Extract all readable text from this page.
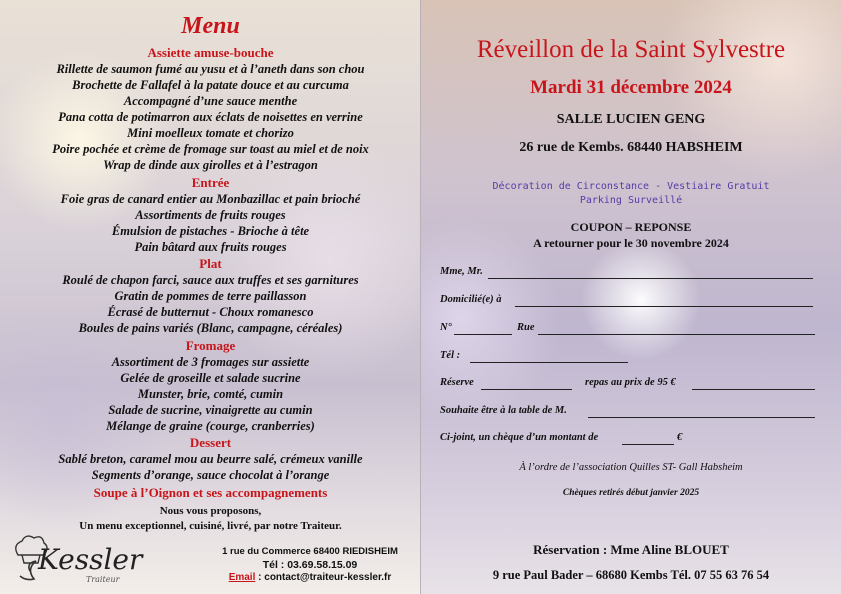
Menu
Assiette amuse-bouche
Rillette de saumon fumé au yusu et à l’aneth dans son chou
Brochette de Fallafel à la patate douce et au curcuma
Accompagné d’une sauce menthe
Pana cotta de potimarron aux éclats de noisettes en verrine
Mini moelleux tomate et chorizo
Poire pochée et crème de fromage sur toast au miel et de noix
Wrap de dinde aux girolles et à l’estragon
Entrée
Foie gras de canard entier au Monbazillac et pain brioché
Assortiments de fruits rouges
Émulsion de pistaches - Brioche à tête
Pain bâtard aux fruits rouges
Plat
Roulé de chapon farci, sauce aux truffes et ses garnitures
Gratin de pommes de terre paillasson
Écrasé de butternut - Choux romanesco
Boules de pains variés (Blanc, campagne, céréales)
Fromage
Assortiment de 3 fromages sur assiette
Gelée de groseille et salade sucrine
Munster, brie, comté, cumin
Salade de sucrine, vinaigrette au cumin
Mélange de graine (courge, cranberries)
Dessert
Sablé breton, caramel mou au beurre salé, crémeux vanille
Segments d’orange, sauce chocolat à l’orange
Soupe à l’Oignon et ses accompagnements
Nous vous proposons,
Un menu exceptionnel, cuisiné, livré, par notre Traiteur.
Kessler
Traiteur
1 rue du Commerce 68400 RIEDISHEIM
Tél : 03.69.58.15.09
Email : contact@traiteur-kessler.fr
Réveillon de la Saint Sylvestre
Mardi 31 décembre 2024
SALLE LUCIEN GENG
26 rue de Kembs. 68440 HABSHEIM
Décoration de Circonstance - Vestiaire Gratuit
Parking Surveillé
COUPON – REPONSE
A retourner pour le 30 novembre 2024
Mme, Mr.
Domicilié(e) à
N°	Rue
Tél :
Réserve	repas au prix de 95 €
Souhaite être à la table de M.
Ci-joint, un chèque d’un montant de	€
À l’ordre de l’association Quilles ST- Gall Habsheim
Chèques retirés début janvier 2025
Réservation : Mme Aline BLOUET
9 rue Paul Bader – 68680 Kembs Tél. 07 55 63 76 54
